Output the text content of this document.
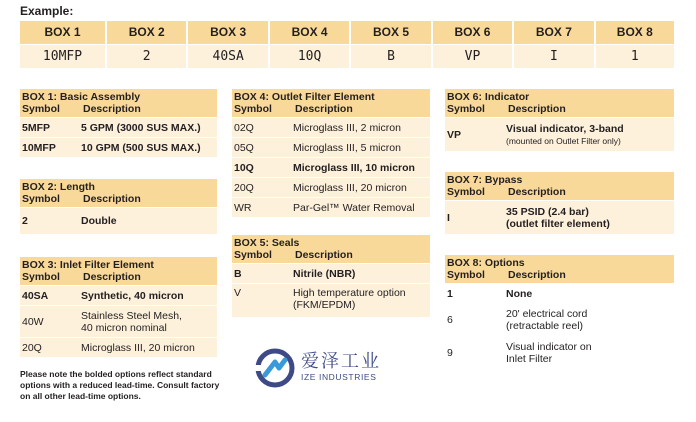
Example:
BOX 1	BOX 2	BOX 3	BOX 4	BOX 5	BOX 6	BOX 7	BOX 8
10MFP	2	40SA	10Q	B	VP	I	1
BOX 1: Basic Assembly
Symbol	Description
5MFP	5 GPM (3000 SUS MAX.)
10MFP	10 GPM (500 SUS MAX.)
BOX 2: Length
Symbol	Description
2	Double
BOX 3: Inlet Filter Element
Symbol	Description
40SA	Synthetic, 40 micron
40W	Stainless Steel Mesh,
40 micron nominal
20Q	Microglass III, 20 micron
BOX 4: Outlet Filter Element
Symbol	Description
02Q	Microglass III, 2 micron
05Q	Microglass III, 5 micron
10Q	Microglass III, 10 micron
20Q	Microglass III, 20 micron
WR	Par-Gel™ Water Removal
BOX 5: Seals
Symbol	Description
B	Nitrile (NBR)
V	High temperature option
(FKM/EPDM)
BOX 6: Indicator
Symbol	Description
VP	Visual indicator, 3-band
(mounted on Outlet Filter only)
BOX 7: Bypass
Symbol	Description
I	35 PSID (2.4 bar)
(outlet filter element)
BOX 8: Options
Symbol	Description
1	None
6	20' electrical cord
(retractable reel)
9	Visual indicator on
Inlet Filter
Please note the bolded options reflect standard options with a reduced lead-time. Consult factory on all other lead-time options.
爱泽工业
IZE INDUSTRIES
